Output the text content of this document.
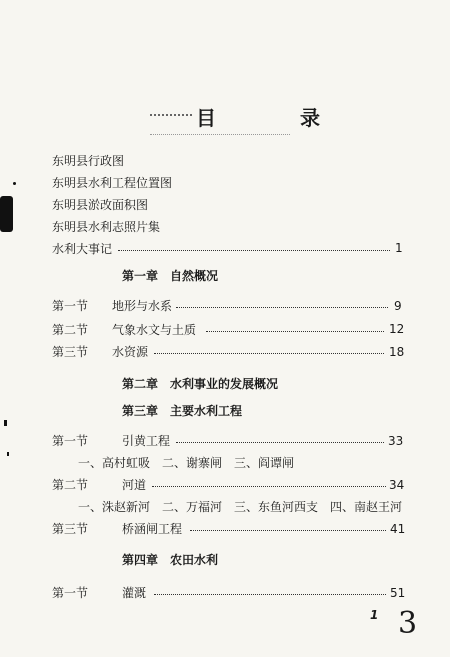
目　录
东明县行政图
东明县水利工程位置图
东明县淤改面积图
东明县水利志照片集
水利大事记	1
第一章　自然概况
第一节 地形与水系	9
第二节 气象水文与土质	12
第三节 水资源	18
第二章　水利事业的发展概况
第三章　主要水利工程
第一节	引黄工程	33
一、高村虹吸　二、谢寨闸　三、阎谭闸
第二节	河道	34
一、洙赵新河　二、万福河　三、东鱼河西支　四、南赵王河
第三节	桥涵闸工程	41
第四章　农田水利
第一节	灌溉	51
1 3
